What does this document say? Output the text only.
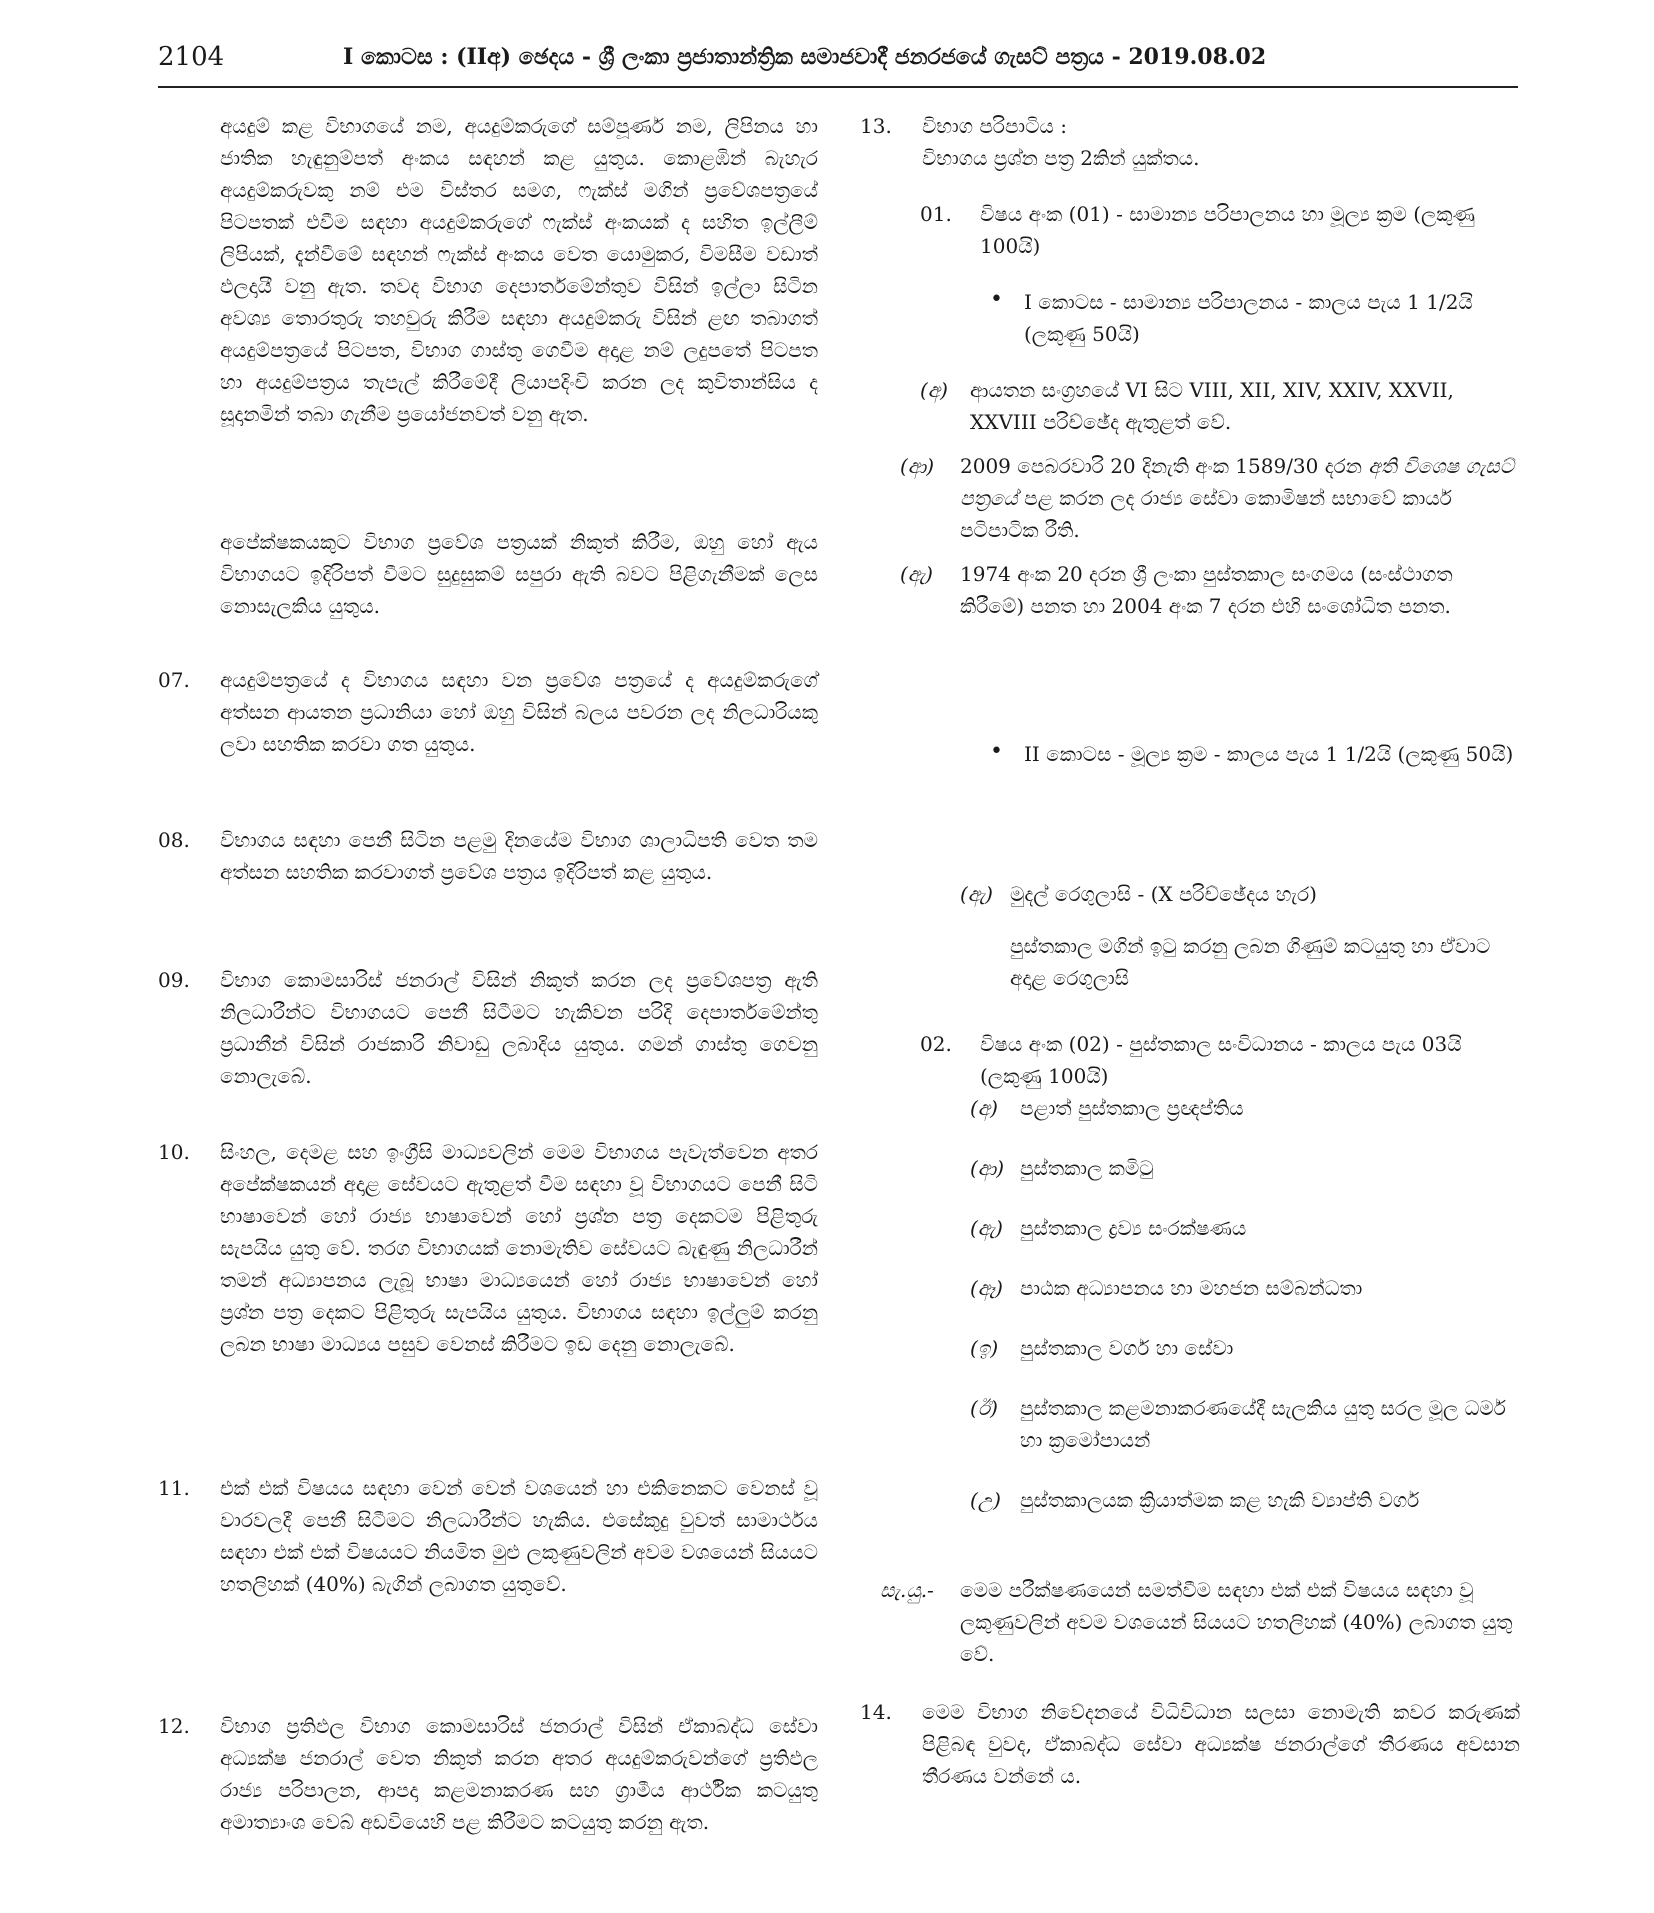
2104	I කොටස : (IIඅ) ඡෙදය - ශ්‍රී ලංකා ප්‍රජාතාන්ත්‍රික සමාජවාදී ජනරජයේ ගැසට් පත්‍රය - 2019.08.02

අයදුම් කළ විභාගයේ නම, අයදුම්කරුගේ සම්පූර්ණ නම, ලිපිනය හා ජාතික හැඳුනුම්පත් අංකය සඳහන් කළ යුතුය. කොළඹින් බැහැර අයදුම්කරුවකු නම් එම විස්තර සමග, ෆැක්ස් මගින් ප්‍රවේශපත්‍රයේ පිටපතක් එවීම සඳහා අයදුම්කරුගේ ෆැක්ස් අංකයක් ද සහිත ඉල්ලීම් ලිපියක්, දැන්වීමේ සඳහන් ෆැක්ස් අංකය වෙත යොමුකර, විමසීම වඩාත් ඵලදායී වනු ඇත. තවද විභාග දෙපාර්තමේන්තුව විසින් ඉල්ලා සිටින අවශ්‍ය තොරතුරු තහවුරු කිරීම සඳහා අයදුම්කරු විසින් ළඟ තබාගත් අයදුම්පත්‍රයේ පිටපත, විභාග ගාස්තු ගෙවීම අදාළ නම් ලදුපතේ පිටපත හා අයදුම්පත්‍රය තැපැල් කිරීමේදී ලියාපදිංචි කරන ලද කුවිතාන්සිය ද සූදානමින් තබා ගැනීම ප්‍රයෝජනවත් වනු ඇත.

අපේක්ෂකයකුට විභාග ප්‍රවේශ පත්‍රයක් නිකුත් කිරීම, ඔහු හෝ ඇය විභාගයට ඉදිරිපත් වීමට සුදුසුකම් සපුරා ඇති බවට පිළිගැනීමක් ලෙස නොසැලකිය යුතුය.

07.	අයදුම්පත්‍රයේ ද විභාගය සඳහා වන ප්‍රවේශ පත්‍රයේ ද අයදුම්කරුගේ අත්සන ආයතන ප්‍රධානියා හෝ ඔහු විසින් බලය පවරන ලද නිලධාරියකු ලවා සහතික කරවා ගත යුතුය.

08.	විභාගය සඳහා පෙනී සිටින පළමු දිනයේම විභාග ශාලාධිපති වෙත තම අත්සන සහතික කරවාගත් ප්‍රවේශ පත්‍රය ඉදිරිපත් කළ යුතුය.

09.	විභාග කොමසාරිස් ජනරාල් විසින් නිකුත් කරන ලද ප්‍රවේශපත්‍ර ඇති නිලධාරීන්ට විභාගයට පෙනී සිටීමට හැකිවන පරිදි දෙපාර්තමේන්තු ප්‍රධානීන් විසින් රාජකාරි නිවාඩු ලබාදිය යුතුය. ගමන් ගාස්තු ගෙවනු නොලැබේ.

10.	සිංහල, දෙමළ සහ ඉංග්‍රීසි මාධ්‍යවලින් මෙම විභාගය පැවැත්වෙන අතර අපේක්ෂකයන් අදාළ සේවයට ඇතුළත් වීම සඳහා වූ විභාගයට පෙනී සිටි භාෂාවෙන් හෝ රාජ්‍ය භාෂාවෙන් හෝ ප්‍රශ්න පත්‍ර දෙකටම පිළිතුරු සැපයිය යුතු වේ. තරග විභාගයක් නොමැතිව සේවයට බැඳුණු නිලධාරීන් තමන් අධ්‍යාපනය ලැබූ භාෂා මාධ්‍යයෙන් හෝ රාජ්‍ය භාෂාවෙන් හෝ ප්‍රශ්න පත්‍ර දෙකට පිළිතුරු සැපයිය යුතුය. විභාගය සඳහා ඉල්ලුම් කරනු ලබන භාෂා මාධ්‍යය පසුව වෙනස් කිරීමට ඉඩ දෙනු නොලැබේ.

11.	එක් එක් විෂයය සඳහා වෙන් වෙන් වශයෙන් හා එකිනෙකට වෙනස් වූ වාරවලදී පෙනී සිටීමට නිලධාරීන්ට හැකිය. එසේකුදු වුවත් සාමාර්ථය සඳහා එක් එක් විෂයයට නියමිත මුළු ලකුණුවලින් අවම වශයෙන් සියයට හතලිහක් (40%) බැගින් ලබාගත යුතුවේ.

12.	විභාග ප්‍රතිඵල විභාග කොමසාරිස් ජනරාල් විසින් ඒකාබද්ධ සේවා අධ්‍යක්ෂ ජනරාල් වෙත නිකුත් කරන අතර අයදුම්කරුවන්ගේ ප්‍රතිඵල රාජ්‍ය පරිපාලන, ආපදා කළමනාකරණ සහ ග්‍රාමීය ආර්ථික කටයුතු අමාත්‍යාංශ වෙබ් අඩවියෙහි පළ කිරීමට කටයුතු කරනු ඇත.

13.	විභාග පරිපාටිය :

විභාගය ප්‍රශ්න පත්‍ර 2කින් යුක්තය.

01.	විෂය අංක (01) - සාමාන්‍ය පරිපාලනය හා මූල්‍ය ක්‍රම (ලකුණු 100යි)

• I කොටස - සාමාන්‍ය පරිපාලනය - කාලය පැය 1 1/2යි (ලකුණු 50යි)

(අ)	ආයතන සංග්‍රහයේ VI සිට VIII, XII, XIV, XXIV, XXVII, XXVIII පරිච්ඡේද ඇතුළත් වේ.

(ආ)	2009 පෙබරවාරි 20 දිනැති අංක 1589/30 දරන අති විශෙෂ ගැසට් පත්‍රයේ පළ කරන ලද රාජ්‍ය සේවා කොමිෂන් සභාවේ කාර්ය පටිපාටික රීති.

(ඇ)	1974 අංක 20 දරන ශ්‍රී ලංකා පුස්තකාල සංගමය (සංස්ථාගත කිරීමේ) පනත හා 2004 අංක 7 දරන එහි සංශෝධිත පනත.

• II කොටස - මූල්‍ය ක්‍රම - කාලය පැය 1 1/2යි (ලකුණු 50යි)

(ඇ) මුදල් රෙගුලාසි - (X පරිච්ඡේදය හැර)

පුස්තකාල මගින් ඉටු කරනු ලබන ගිණුම් කටයුතු හා ඒවාට අදාළ රෙගුලාසි

02.	විෂය අංක (02) - පුස්තකාල සංවිධානය - කාලය පැය 03යි (ලකුණු 100යි)

(අ)	පළාත් පුස්තකාල ප්‍රඥප්තිය

(ආ) පුස්තකාල කමිටු

(ඇ) පුස්තකාල ද්‍රව්‍ය සංරක්ෂණය

(ඈ) පාඨක අධ්‍යාපනය හා මහජන සම්බන්ධතා

(ඉ)	පුස්තකාල වර්ග හා සේවා

(ඊ)	පුස්තකාල කළමනාකරණයේදී සැලකිය යුතු සරල මූල ධර්ම හා ක්‍රමෝපායන්

(උ) පුස්තකාලයක ක්‍රියාත්මක කළ හැකි ව්‍යාප්ති වර්ග

සැ.යු.-	මෙම පරීක්ෂණයෙන් සමත්වීම සඳහා එක් එක් විෂයය සඳහා වූ ලකුණුවලින් අවම වශයෙන් සියයට හතලිහක් (40%) ලබාගත යුතු වේ.

14.	මෙම විභාග නිවේදනයේ විධිවිධාන සලසා නොමැති කවර කරුණක් පිළිබඳ වුවද, ඒකාබද්ධ සේවා අධ්‍යක්ෂ ජනරාල්ගේ තීරණය අවසාන තීරණය වන්නේ ය.
